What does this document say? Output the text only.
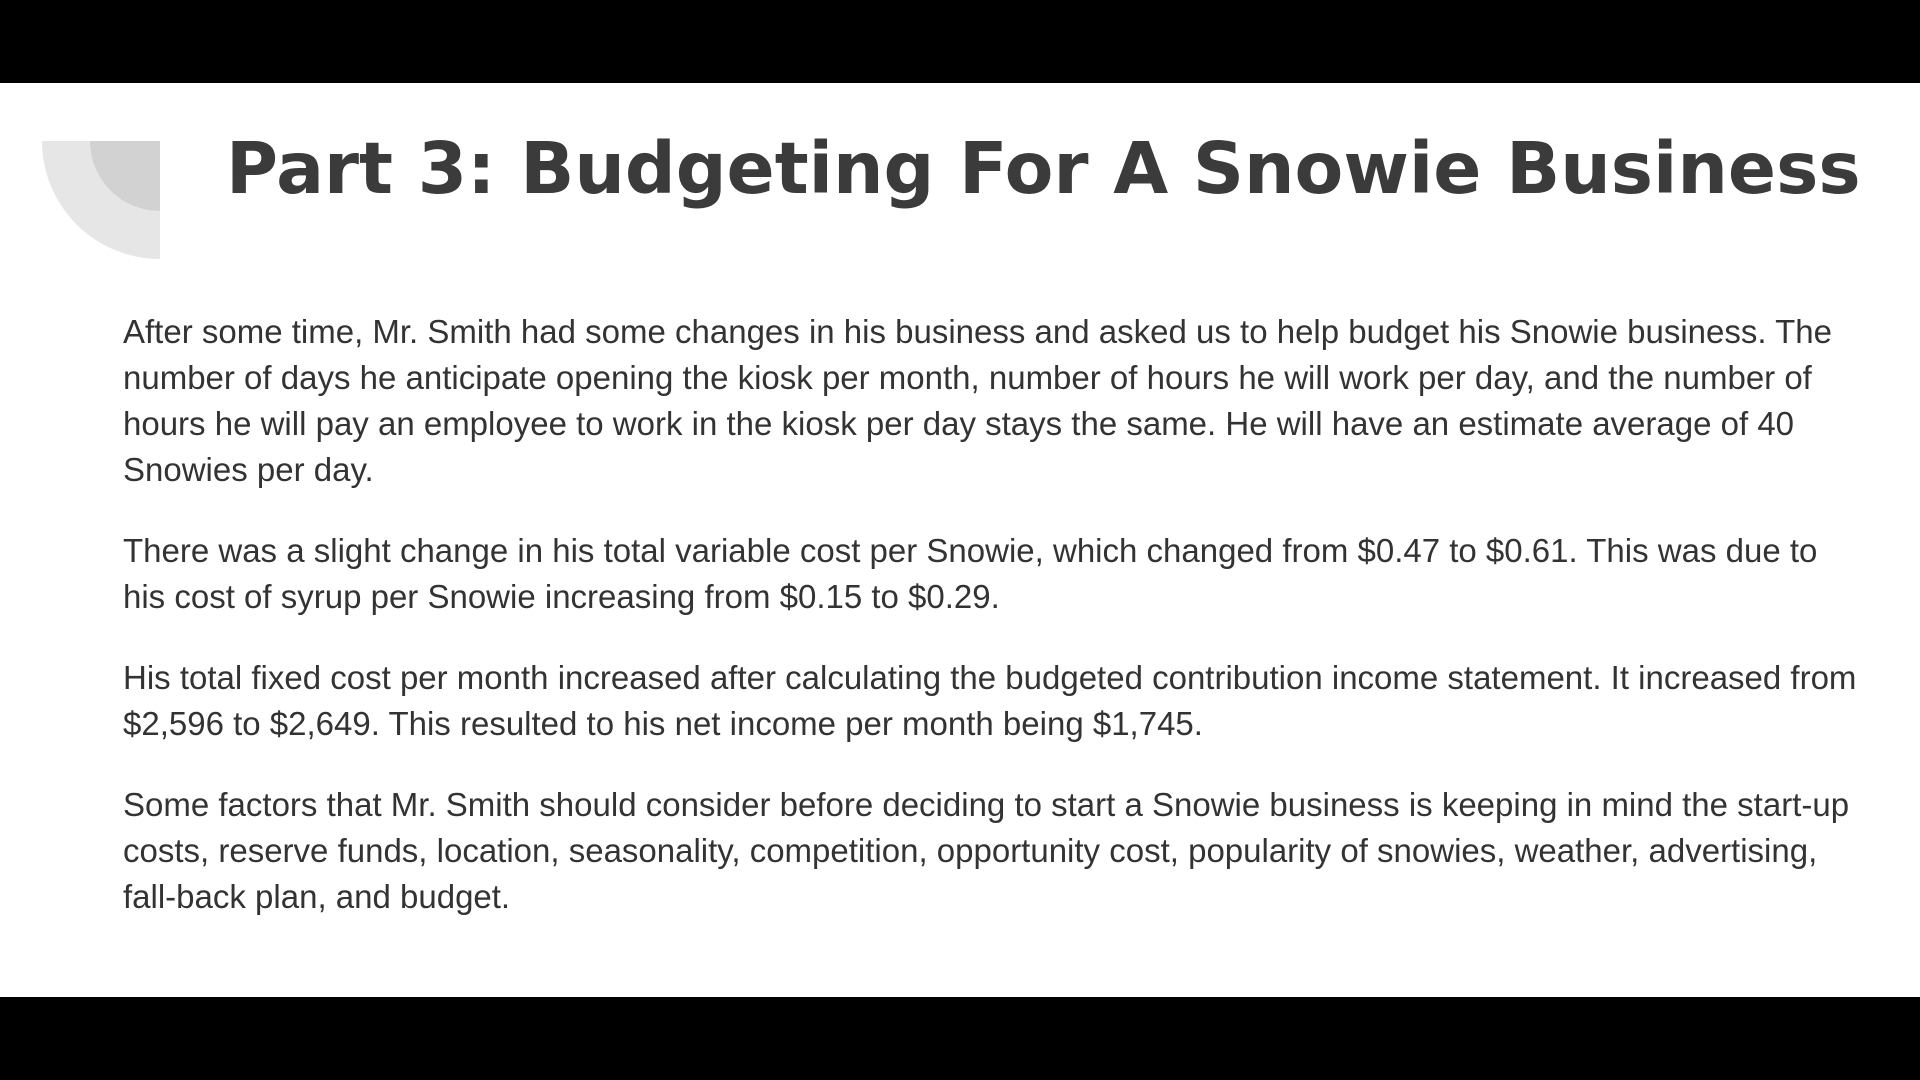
Part 3: Budgeting For A Snowie Business

After some time, Mr. Smith had some changes in his business and asked us to help budget his Snowie business. The number of days he anticipate opening the kiosk per month, number of hours he will work per day, and the number of hours he will pay an employee to work in the kiosk per day stays the same. He will have an estimate average of 40 Snowies per day.

There was a slight change in his total variable cost per Snowie, which changed from $0.47 to $0.61. This was due to his cost of syrup per Snowie increasing from $0.15 to $0.29.

His total fixed cost per month increased after calculating the budgeted contribution income statement. It increased from $2,596 to $2,649. This resulted to his net income per month being $1,745.

Some factors that Mr. Smith should consider before deciding to start a Snowie business is keeping in mind the start-up costs, reserve funds, location, seasonality, competition, opportunity cost, popularity of snowies, weather, advertising, fall-back plan, and budget.
